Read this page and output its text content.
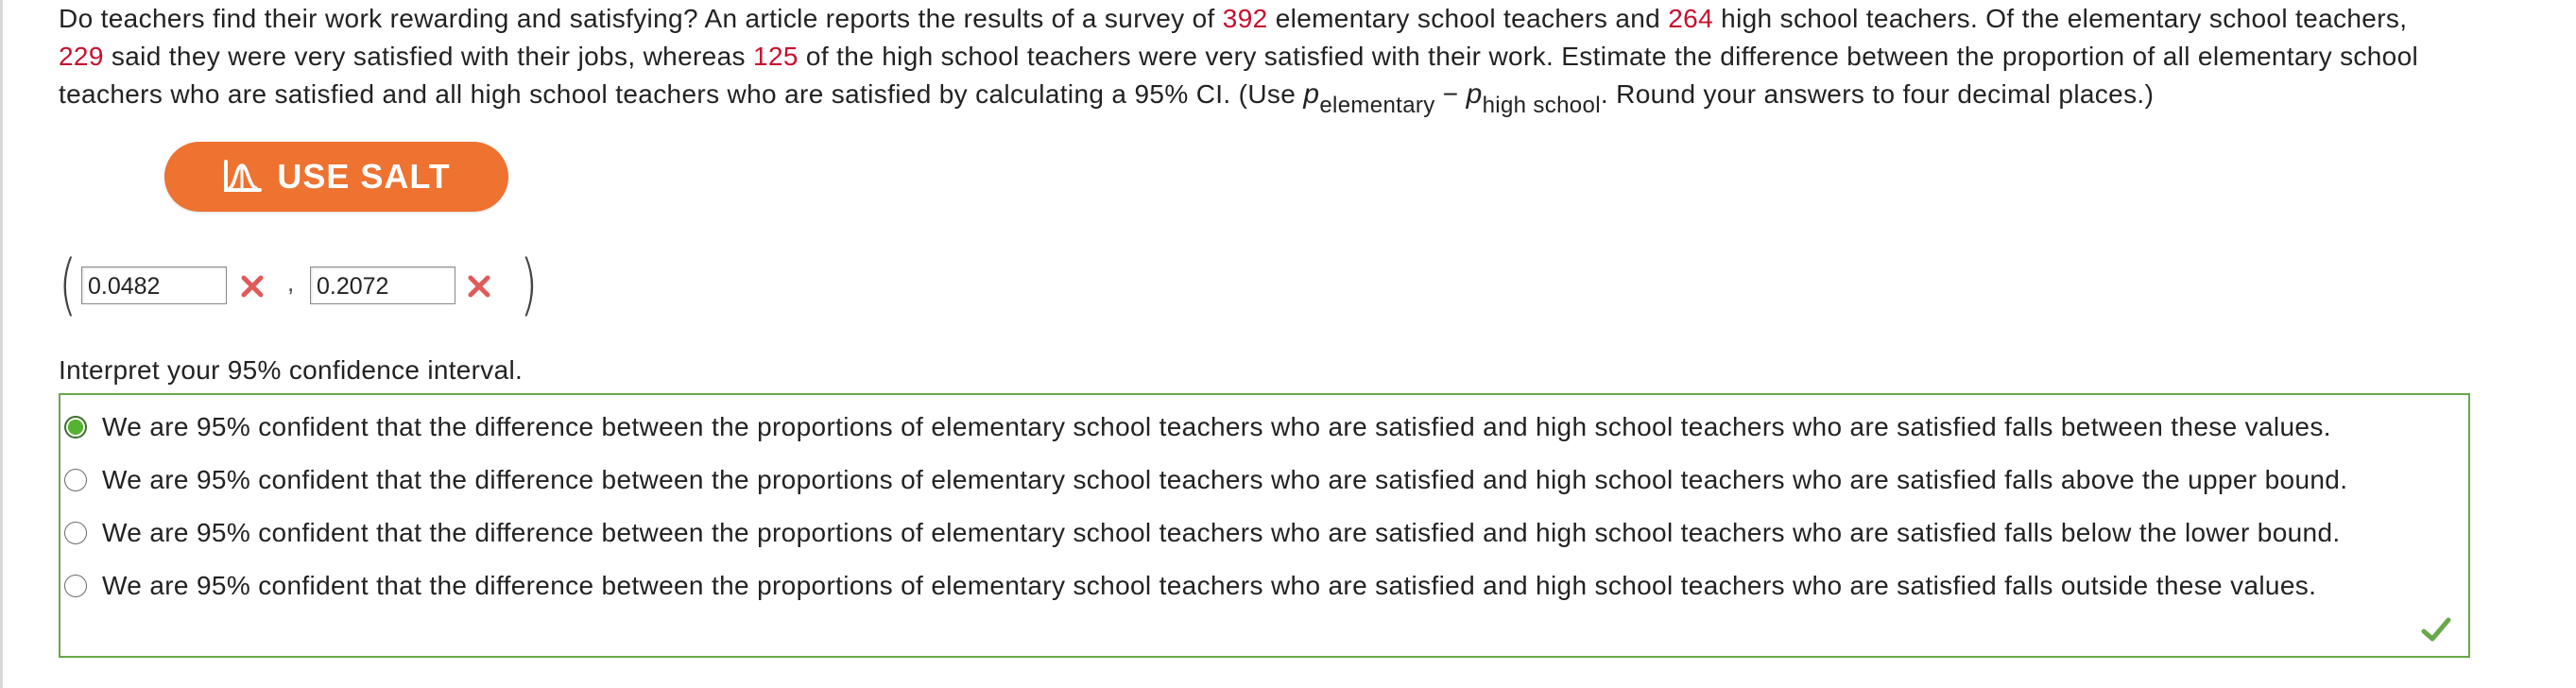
Do teachers find their work rewarding and satisfying? An article reports the results of a survey of 392 elementary school teachers and 264 high school teachers. Of the elementary school teachers,
229 said they were very satisfied with their jobs, whereas 125 of the high school teachers were very satisfied with their work. Estimate the difference between the proportion of all elementary school
teachers who are satisfied and all high school teachers who are satisfied by calculating a 95% CI. (Use pelementary − phigh school. Round your answers to four decimal places.)

USE SALT
( 0.0482	, 0.2072	)
Interpret your 95% confidence interval.
We are 95% confident that the difference between the proportions of elementary school teachers who are satisfied and high school teachers who are satisfied falls between these values.
We are 95% confident that the difference between the proportions of elementary school teachers who are satisfied and high school teachers who are satisfied falls above the upper bound.
We are 95% confident that the difference between the proportions of elementary school teachers who are satisfied and high school teachers who are satisfied falls below the lower bound.
We are 95% confident that the difference between the proportions of elementary school teachers who are satisfied and high school teachers who are satisfied falls outside these values.
